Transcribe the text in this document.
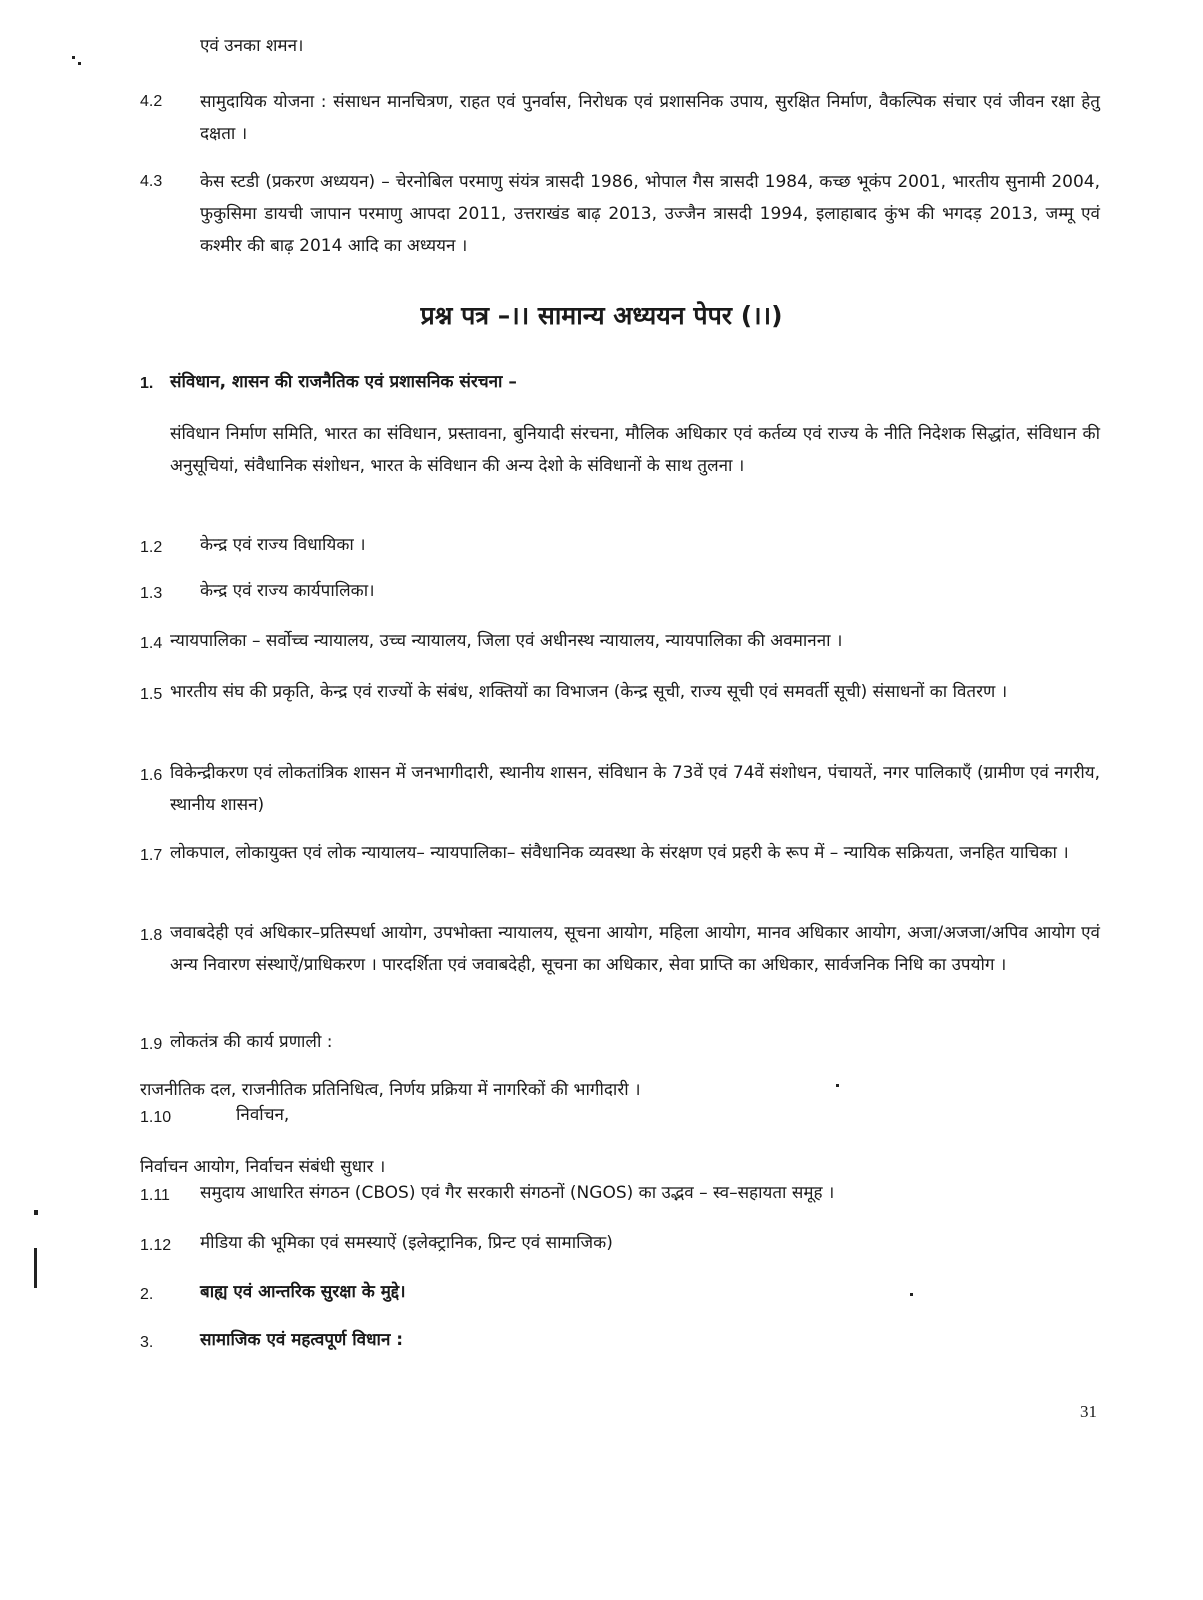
एवं उनका शमन।
4.2 सामुदायिक योजना : संसाधन मानचित्रण, राहत एवं पुनर्वास, निरोधक एवं प्रशासनिक उपाय, सुरक्षित निर्माण, वैकल्पिक संचार एवं जीवन रक्षा हेतु दक्षता ।
4.3 केस स्टडी (प्रकरण अध्ययन) – चेरनोबिल परमाणु संयंत्र त्रासदी 1986, भोपाल गैस त्रासदी 1984, कच्छ भूकंप 2001, भारतीय सुनामी 2004, फुकुसिमा डायची जापान परमाणु आपदा 2011, उत्तराखंड बाढ़ 2013, उज्जैन त्रासदी 1994, इलाहाबाद कुंभ की भगदड़ 2013, जम्मू एवं कश्मीर की बाढ़ 2014 आदि का अध्ययन ।
प्रश्न पत्र –।। सामान्य अध्ययन पेपर (।।)
1. संविधान, शासन की राजनैतिक एवं प्रशासनिक संरचना –
संविधान निर्माण समिति, भारत का संविधान, प्रस्तावना, बुनियादी संरचना, मौलिक अधिकार एवं कर्तव्य एवं राज्य के नीति निदेशक सिद्धांत, संविधान की अनुसूचियां, संवैधानिक संशोधन, भारत के संविधान की अन्य देशो के संविधानों के साथ तुलना ।
1.2 केन्द्र एवं राज्य विधायिका ।
1.3 केन्द्र एवं राज्य कार्यपालिका।
1.4 न्यायपालिका – सर्वोच्च न्यायालय, उच्च न्यायालय, जिला एवं अधीनस्थ न्यायालय, न्यायपालिका की अवमानना ।
1.5 भारतीय संघ की प्रकृति, केन्द्र एवं राज्यों के संबंध, शक्तियों का विभाजन (केन्द्र सूची, राज्य सूची एवं समवर्ती सूची) संसाधनों का वितरण ।
1.6 विकेन्द्रीकरण एवं लोकतांत्रिक शासन में जनभागीदारी, स्थानीय शासन, संविधान के 73वें एवं 74वें संशोधन, पंचायतें, नगर पालिकाएँ (ग्रामीण एवं नगरीय, स्थानीय शासन)
1.7 लोकपाल, लोकायुक्त एवं लोक न्यायालय– न्यायपालिका– संवैधानिक व्यवस्था के संरक्षण एवं प्रहरी के रूप में – न्यायिक सक्रियता, जनहित याचिका ।
1.8 जवाबदेही एवं अधिकार–प्रतिस्पर्धा आयोग, उपभोक्ता न्यायालय, सूचना आयोग, महिला आयोग, मानव अधिकार आयोग, अजा/अजजा/अपिव आयोग एवं अन्य निवारण संस्थाऐं/प्राधिकरण । पारदर्शिता एवं जवाबदेही, सूचना का अधिकार, सेवा प्राप्ति का अधिकार, सार्वजनिक निधि का उपयोग ।
1.9 लोकतंत्र की कार्य प्रणाली :
राजनीतिक दल, राजनीतिक प्रतिनिधित्व, निर्णय प्रक्रिया में नागरिकों की भागीदारी ।
1.10	निर्वाचन,
निर्वाचन आयोग, निर्वाचन संबंधी सुधार ।
1.11 समुदाय आधारित संगठन (CBOS) एवं गैर सरकारी संगठनों (NGOS) का उद्भव – स्व–सहायता समूह ।
1.12 मीडिया की भूमिका एवं समस्याऐं (इलेक्ट्रानिक, प्रिन्ट एवं सामाजिक)
2.	बाह्य एवं आन्तरिक सुरक्षा के मुद्दे।
3.	सामाजिक एवं महत्वपूर्ण विधान :
31
